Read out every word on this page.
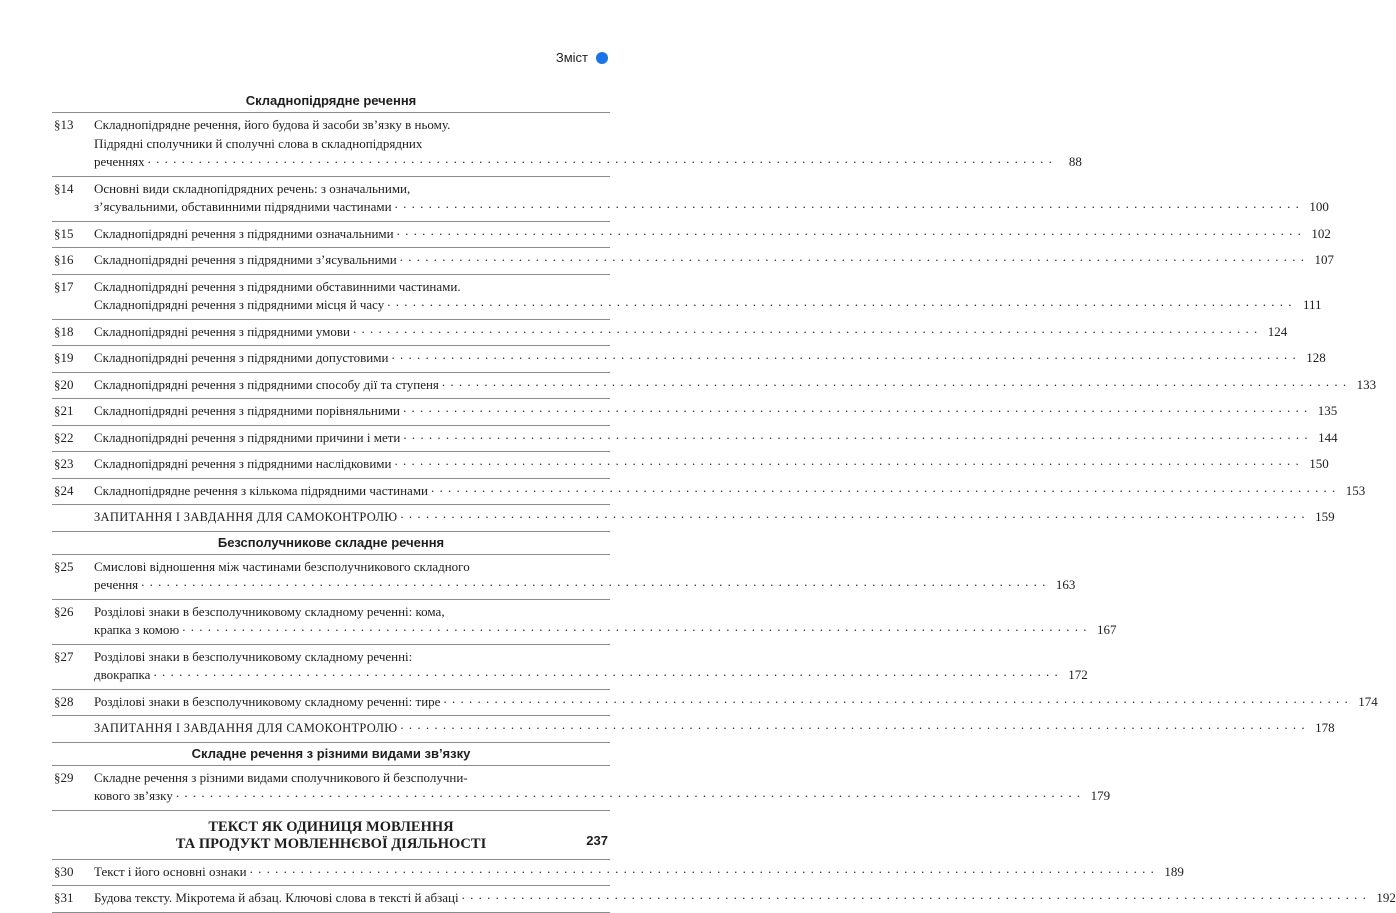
Зміст
Складнопідрядне речення
§13	Складнопідрядне речення, його будова й засоби зв’язку в ньому.
Підрядні сполучники й сполучні слова в складнопідрядних
реченнях . . .	88
§14	Основні види складнопідрядних речень: з означальними,
з’ясувальними, обставинними підрядними частинами . . .	100
§15	Складнопідрядні речення з підрядними означальними . . .	102
§16	Складнопідрядні речення з підрядними з’ясувальними . . .	107
§17	Складнопідрядні речення з підрядними обставинними частинами.
Складнопідрядні речення з підрядними місця й часу . . .	111
§18	Складнопідрядні речення з підрядними умови . . .	124
§19	Складнопідрядні речення з підрядними допустовими . . .	128
§20	Складнопідрядні речення з підрядними способу дії та ступеня . . .	133
§21	Складнопідрядні речення з підрядними порівняльними . . .	135
§22	Складнопідрядні речення з підрядними причини і мети . . .	144
§23	Складнопідрядні речення з підрядними наслідковими . . .	150
§24	Складнопідрядне речення з кількома підрядними частинами . . .	153
ЗАПИТАННЯ І ЗАВДАННЯ ДЛЯ САМОКОНТРОЛЮ . . .	159
Безсполучникове складне речення
§25	Смислові відношення між частинами безсполучникового складного
речення . . .	163
§26	Розділові знаки в безсполучниковому складному реченні: кома,
крапка з комою . . .	167
§27	Розділові знаки в безсполучниковому складному реченні:
двокрапка . . .	172
§28	Розділові знаки в безсполучниковому складному реченні: тире . . .	174
ЗАПИТАННЯ І ЗАВДАННЯ ДЛЯ САМОКОНТРОЛЮ . . .	178
Складне речення з різними видами зв’язку
§29	Складне речення з різними видами сполучникового й безсполучни-
кового зв’язку . . .	179
ТЕКСТ ЯК ОДИНИЦЯ МОВЛЕННЯ
ТА ПРОДУКТ МОВЛЕННЄВОЇ ДІЯЛЬНОСТІ
§30	Текст і його основні ознаки . . .	189
§31	Будова тексту. Мікротема й абзац. Ключові слова в тексті й абзаці . . .	192
237
